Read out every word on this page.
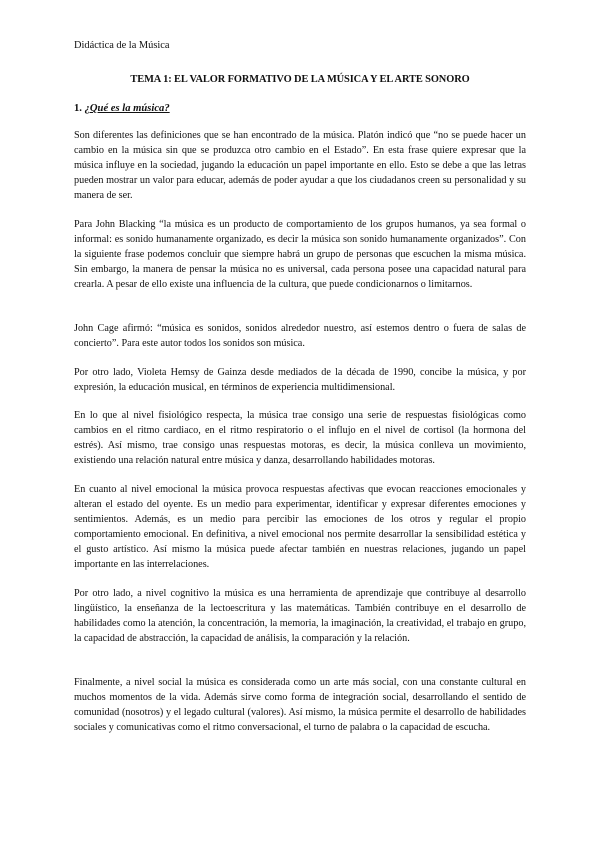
Didáctica de la Música
TEMA 1: EL VALOR FORMATIVO DE LA MÚSICA Y EL ARTE SONORO
1. ¿Qué es la música?

Son diferentes las definiciones que se han encontrado de la música. Platón indicó que “no se puede hacer un cambio en la música sin que se produzca otro cambio en el Estado”. En esta frase quiere expresar que la música influye en la sociedad, jugando la educación un papel importante en ello. Esto se debe a que las letras pueden mostrar un valor para educar, además de poder ayudar a que los ciudadanos creen su personalidad y su manera de ser.

Para John Blacking “la música es un producto de comportamiento de los grupos humanos, ya sea formal o informal: es sonido humanamente organizado, es decir la música son sonido humanamente organizados”. Con la siguiente frase podemos concluir que siempre habrá un grupo de personas que escuchen la misma música. Sin embargo, la manera de pensar la música no es universal, cada persona posee una capacidad natural para crearla. A pesar de ello existe una influencia de la cultura, que puede condicionarnos o limitarnos.

John Cage afirmó: “música es sonidos, sonidos alrededor nuestro, así estemos dentro o fuera de salas de concierto”. Para este autor todos los sonidos son música.

Por otro lado, Violeta Hemsy de Gainza desde mediados de la década de 1990, concibe la música, y por expresión, la educación musical, en términos de experiencia multidimensional.

En lo que al nivel fisiológico respecta, la música trae consigo una serie de respuestas fisiológicas como cambios en el ritmo cardiaco, en el ritmo respiratorio o el influjo en el nivel de cortisol (la hormona del estrés). Así mismo, trae consigo unas respuestas motoras, es decir, la música conlleva un movimiento, existiendo una relación natural entre música y danza, desarrollando habilidades motoras.

En cuanto al nivel emocional la música provoca respuestas afectivas que evocan reacciones emocionales y alteran el estado del oyente. Es un medio para experimentar, identificar y expresar diferentes emociones y sentimientos. Además, es un medio para percibir las emociones de los otros y regular el propio comportamiento emocional. En definitiva, a nivel emocional nos permite desarrollar la sensibilidad estética y el gusto artístico. Así mismo la música puede afectar también en nuestras relaciones, jugando un papel importante en las interrelaciones.

Por otro lado, a nivel cognitivo la música es una herramienta de aprendizaje que contribuye al desarrollo lingüístico, la enseñanza de la lectoescritura y las matemáticas. También contribuye en el desarrollo de habilidades como la atención, la concentración, la memoria, la imaginación, la creatividad, el trabajo en grupo, la capacidad de abstracción, la capacidad de análisis, la comparación y la relación.

Finalmente, a nivel social la música es considerada como un arte más social, con una constante cultural en muchos momentos de la vida. Además sirve como forma de integración social, desarrollando el sentido de comunidad (nosotros) y el legado cultural (valores). Así mismo, la música permite el desarrollo de habilidades sociales y comunicativas como el ritmo conversacional, el turno de palabra o la capacidad de escucha.
